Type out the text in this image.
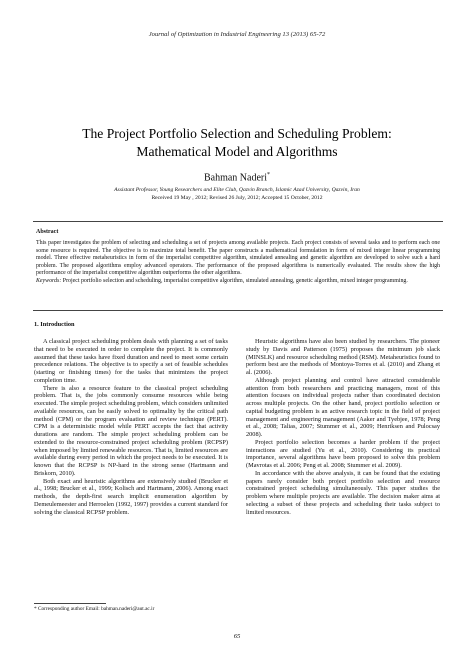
Journal of Optimization in Industrial Engineering 13 (2013) 65-72
The Project Portfolio Selection and Scheduling Problem:
Mathematical Model and Algorithms
Bahman Naderi*
Assistant Professor, Young Researchers and Elite Club, Qazvin Branch, Islamic Azad University, Qazvin, Iran
Received 19 May , 2012; Revised 26 July, 2012; Accepted 15 October, 2012
Abstract
This paper investigates the problem of selecting and scheduling a set of projects among available projects. Each project consists of several tasks and to perform each one some resource is required. The objective is to maximize total benefit. The paper constructs a mathematical formulation in form of mixed integer linear programming model. Three effective metaheuristics in form of the imperialist competitive algorithm, simulated annealing and genetic algorithm are developed to solve such a hard problem. The proposed algorithms employ advanced operators. The performance of the proposed algorithms is numerically evaluated. The results show the high performance of the imperialist competitive algorithm outperforms the other algorithms.
Keywords: Project portfolio selection and scheduling, imperialist competitive algorithm, simulated annealing, genetic algorithm, mixed integer programming.
1. Introduction

A classical project scheduling problem deals with planning a set of tasks that need to be executed in order to complete the project. It is commonly assumed that these tasks have fixed duration and need to meet some certain precedence relations. The objective is to specify a set of feasible schedules (starting or finishing times) for the tasks that minimizes the project completion time.

There is also a resource feature to the classical project scheduling problem. That is, the jobs commonly consume resources while being executed. The simple project scheduling problem, which considers unlimited available resources, can be easily solved to optimality by the critical path method (CPM) or the program evaluation and review technique (PERT). CPM is a deterministic model while PERT accepts the fact that activity durations are random. The simple project scheduling problem can be extended to the resource-constrained project scheduling problem (RCPSP) when imposed by limited renewable resources. That is, limited resources are available during every period in which the project needs to be executed. It is known that the RCPSP is NP-hard in the strong sense (Hartmann and Briskorn, 2010).

Both exact and heuristic algorithms are extensively studied (Brucker et al., 1998; Brucker et al., 1999; Kolisch and Hartmann, 2006). Among exact methods, the depth-first search implicit enumeration algorithm by Demeulemeester and Herroelen (1992, 1997) provides a current standard for solving the classical RCPSP problem.

Heuristic algorithms have also been studied by researchers. The pioneer study by Davis and Patterson (1975) proposes the minimum job slack (MINSLK) and resource scheduling method (RSM). Metaheuristics found to perform best are the methods of Montoya-Torres et al. (2010) and Zhang et al. (2006).

Although project planning and control have attracted considerable attention from both researchers and practicing managers, most of this attention focuses on individual projects rather than coordinated decision across multiple projects. On the other hand, project portfolio selection or capital budgeting problem is an active research topic in the field of project management and engineering management (Aaker and Tyebjee, 1978; Peng et al., 2008; Talias, 2007; Stummer et al., 2009; Henriksen and Pulocsay 2008).

Project portfolio selection becomes a harder problem if the project interactions are studied (Yu et al., 2010). Considering its practical importance, several algorithms have been proposed to solve this problem (Mavrotas et al. 2006; Peng et al. 2008; Stummer et al. 2009).

In accordance with the above analysis, it can be found that the existing papers rarely consider both project portfolio selection and resource constrained project scheduling simultaneously. This paper studies the problem where multiple projects are available. The decision maker aims at selecting a subset of these projects and scheduling their tasks subject to limited resources.

* Corresponding author Email: bahman.naderi@aut.ac.ir
65
